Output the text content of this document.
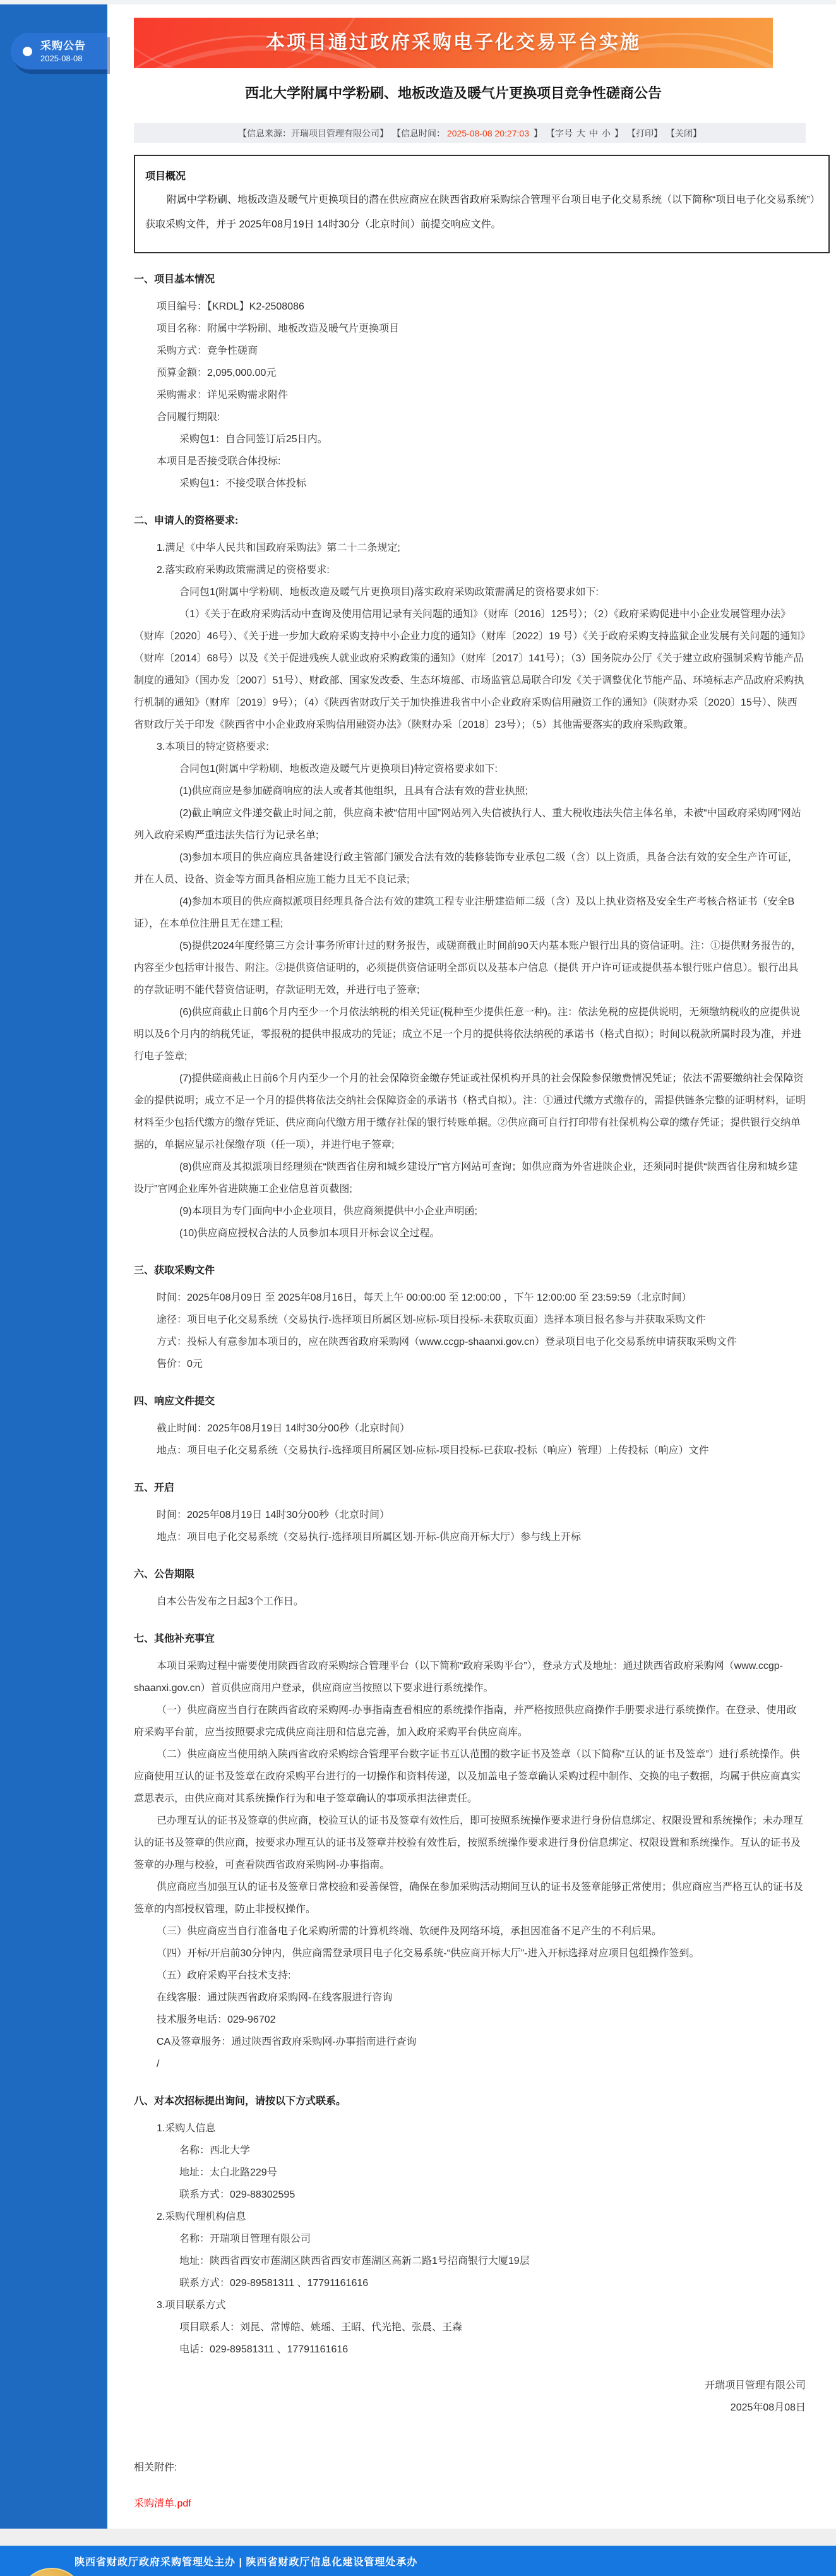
采购公告
2025-08-08
本项目通过政府采购电子化交易平台实施
西北大学附属中学粉刷、地板改造及暖气片更换项目竞争性磋商公告
【信息来源：开瑞项目管理有限公司】 【信息时间： 2025-08-08 20:27:03 】 【字号 大 中 小 】 【打印】 【关闭】
项目概况
附属中学粉刷、地板改造及暖气片更换项目的潜在供应商应在陕西省政府采购综合管理平台项目电子化交易系统（以下简称“项目电子化交易系统”）获取采购文件，并于 2025年08月19日 14时30分（北京时间）前提交响应文件。
一、项目基本情况
项目编号：【KRDL】K2-2508086
项目名称：附属中学粉刷、地板改造及暖气片更换项目
采购方式：竞争性磋商
预算金额：2,095,000.00元
采购需求：详见采购需求附件
合同履行期限:
采购包1：自合同签订后25日内。
本项目是否接受联合体投标:
采购包1：不接受联合体投标
二、申请人的资格要求:
1.满足《中华人民共和国政府采购法》第二十二条规定;
2.落实政府采购政策需满足的资格要求:
合同包1(附属中学粉刷、地板改造及暖气片更换项目)落实政府采购政策需满足的资格要求如下:
（1）《关于在政府采购活动中查询及使用信用记录有关问题的通知》（财库〔2016〕125号）；（2）《政府采购促进中小企业发展管理办法》（财库〔2020〕46号）、《关于进一步加大政府采购支持中小企业力度的通知》（财库〔2022〕19 号）《关于政府采购支持监狱企业发展有关问题的通知》（财库〔2014〕68号）以及《关于促进残疾人就业政府采购政策的通知》（财库〔2017〕141号）；（3）国务院办公厅《关于建立政府强制采购节能产品制度的通知》（国办发〔2007〕51号）、财政部、国家发改委、生态环境部、市场监管总局联合印发《关于调整优化节能产品、环境标志产品政府采购执行机制的通知》（财库〔2019〕9号）；（4）《陕西省财政厅关于加快推进我省中小企业政府采购信用融资工作的通知》（陕财办采〔2020〕15号）、陕西省财政厅关于印发《陕西省中小企业政府采购信用融资办法》（陕财办采〔2018〕23号）；（5）其他需要落实的政府采购政策。
3.本项目的特定资格要求:
合同包1(附属中学粉刷、地板改造及暖气片更换项目)特定资格要求如下:
(1)供应商应是参加磋商响应的法人或者其他组织，且具有合法有效的营业执照;
(2)截止响应文件递交截止时间之前，供应商未被“信用中国”网站列入失信被执行人、重大税收违法失信主体名单，未被“中国政府采购网”网站列入政府采购严重违法失信行为记录名单;
(3)参加本项目的供应商应具备建设行政主管部门颁发合法有效的装修装饰专业承包二级（含）以上资质，具备合法有效的安全生产许可证，并在人员、设备、资金等方面具备相应施工能力且无不良记录;
(4)参加本项目的供应商拟派项目经理具备合法有效的建筑工程专业注册建造师二级（含）及以上执业资格及安全生产考核合格证书（安全B证），在本单位注册且无在建工程;
(5)提供2024年度经第三方会计事务所审计过的财务报告，或磋商截止时间前90天内基本账户银行出具的资信证明。注：①提供财务报告的，内容至少包括审计报告、附注。②提供资信证明的，必须提供资信证明全部页以及基本户信息（提供 开户许可证或提供基本银行账户信息）。银行出具的存款证明不能代替资信证明，存款证明无效，并进行电子签章;
(6)供应商截止日前6个月内至少一个月依法纳税的相关凭证(税种至少提供任意一种)。注：依法免税的应提供说明，无须缴纳税收的应提供说明以及6个月内的纳税凭证，零报税的提供申报成功的凭证；成立不足一个月的提供将依法纳税的承诺书（格式自拟）；时间以税款所属时段为准，并进行电子签章;
(7)提供磋商截止日前6个月内至少一个月的社会保障资金缴存凭证或社保机构开具的社会保险参保缴费情况凭证；依法不需要缴纳社会保障资金的提供说明；成立不足一个月的提供将依法交纳社会保障资金的承诺书（格式自拟）。注：①通过代缴方式缴存的，需提供链条完整的证明材料，证明材料至少包括代缴方的缴存凭证、供应商向代缴方用于缴存社保的银行转账单据。②供应商可自行打印带有社保机构公章的缴存凭证；提供银行交纳单据的，单据应显示社保缴存项（任一项），并进行电子签章;
(8)供应商及其拟派项目经理须在“陕西省住房和城乡建设厅”官方网站可查询；如供应商为外省进陕企业，还须同时提供“陕西省住房和城乡建设厅”官网企业库外省进陕施工企业信息首页截图;
(9)本项目为专门面向中小企业项目，供应商须提供中小企业声明函;
(10)供应商应授权合法的人员参加本项目开标会议全过程。
三、获取采购文件
时间：2025年08月09日 至 2025年08月16日，每天上午 00:00:00 至 12:00:00 ，下午 12:00:00 至 23:59:59（北京时间）
途径：项目电子化交易系统（交易执行-选择项目所属区划-应标-项目投标-未获取页面）选择本项目报名参与并获取采购文件
方式：投标人有意参加本项目的，应在陕西省政府采购网（www.ccgp-shaanxi.gov.cn）登录项目电子化交易系统申请获取采购文件
售价：0元
四、响应文件提交
截止时间：2025年08月19日 14时30分00秒（北京时间）
地点：项目电子化交易系统（交易执行-选择项目所属区划-应标-项目投标-已获取-投标（响应）管理）上传投标（响应）文件
五、开启
时间：2025年08月19日 14时30分00秒（北京时间）
地点：项目电子化交易系统（交易执行-选择项目所属区划-开标-供应商开标大厅）参与线上开标
六、公告期限
自本公告发布之日起3个工作日。
七、其他补充事宜
本项目采购过程中需要使用陕西省政府采购综合管理平台（以下简称“政府采购平台”），登录方式及地址：通过陕西省政府采购网（www.ccgp-shaanxi.gov.cn）首页供应商用户登录，供应商应当按照以下要求进行系统操作。
（一）供应商应当自行在陕西省政府采购网-办事指南查看相应的系统操作指南，并严格按照供应商操作手册要求进行系统操作。在登录、使用政府采购平台前，应当按照要求完成供应商注册和信息完善，加入政府采购平台供应商库。
（二）供应商应当使用纳入陕西省政府采购综合管理平台数字证书互认范围的数字证书及签章（以下简称“互认的证书及签章”）进行系统操作。供应商使用互认的证书及签章在政府采购平台进行的一切操作和资料传递，以及加盖电子签章确认采购过程中制作、交换的电子数据，均属于供应商真实意思表示，由供应商对其系统操作行为和电子签章确认的事项承担法律责任。
已办理互认的证书及签章的供应商，校验互认的证书及签章有效性后，即可按照系统操作要求进行身份信息绑定、权限设置和系统操作；未办理互认的证书及签章的供应商，按要求办理互认的证书及签章并校验有效性后，按照系统操作要求进行身份信息绑定、权限设置和系统操作。互认的证书及签章的办理与校验，可查看陕西省政府采购网-办事指南。
供应商应当加强互认的证书及签章日常校验和妥善保管，确保在参加采购活动期间互认的证书及签章能够正常使用；供应商应当严格互认的证书及签章的内部授权管理，防止非授权操作。
（三）供应商应当自行准备电子化采购所需的计算机终端、软硬件及网络环境，承担因准备不足产生的不利后果。
（四）开标/开启前30分钟内，供应商需登录项目电子化交易系统-“供应商开标大厅”-进入开标选择对应项目包组操作签到。
（五）政府采购平台技术支持:
在线客服：通过陕西省政府采购网-在线客服进行咨询
技术服务电话：029-96702
CA及签章服务：通过陕西省政府采购网-办事指南进行查询
/
八、对本次招标提出询问，请按以下方式联系。
1.采购人信息
名称：西北大学
地址：太白北路229号
联系方式：029-88302595
2.采购代理机构信息
名称：开瑞项目管理有限公司
地址：陕西省西安市莲湖区陕西省西安市莲湖区高新二路1号招商银行大厦19层
联系方式：029-89581311 、17791161616
3.项目联系方式
项目联系人：刘昆、常博皓、姚瑶、王昭、代光艳、张晨、王森
电话：029-89581311 、17791161616
开瑞项目管理有限公司
2025年08月08日
相关附件:
采购清单.pdf
陕西省财政厅政府采购管理处主办 | 陕西省财政厅信息化建设管理处承办
